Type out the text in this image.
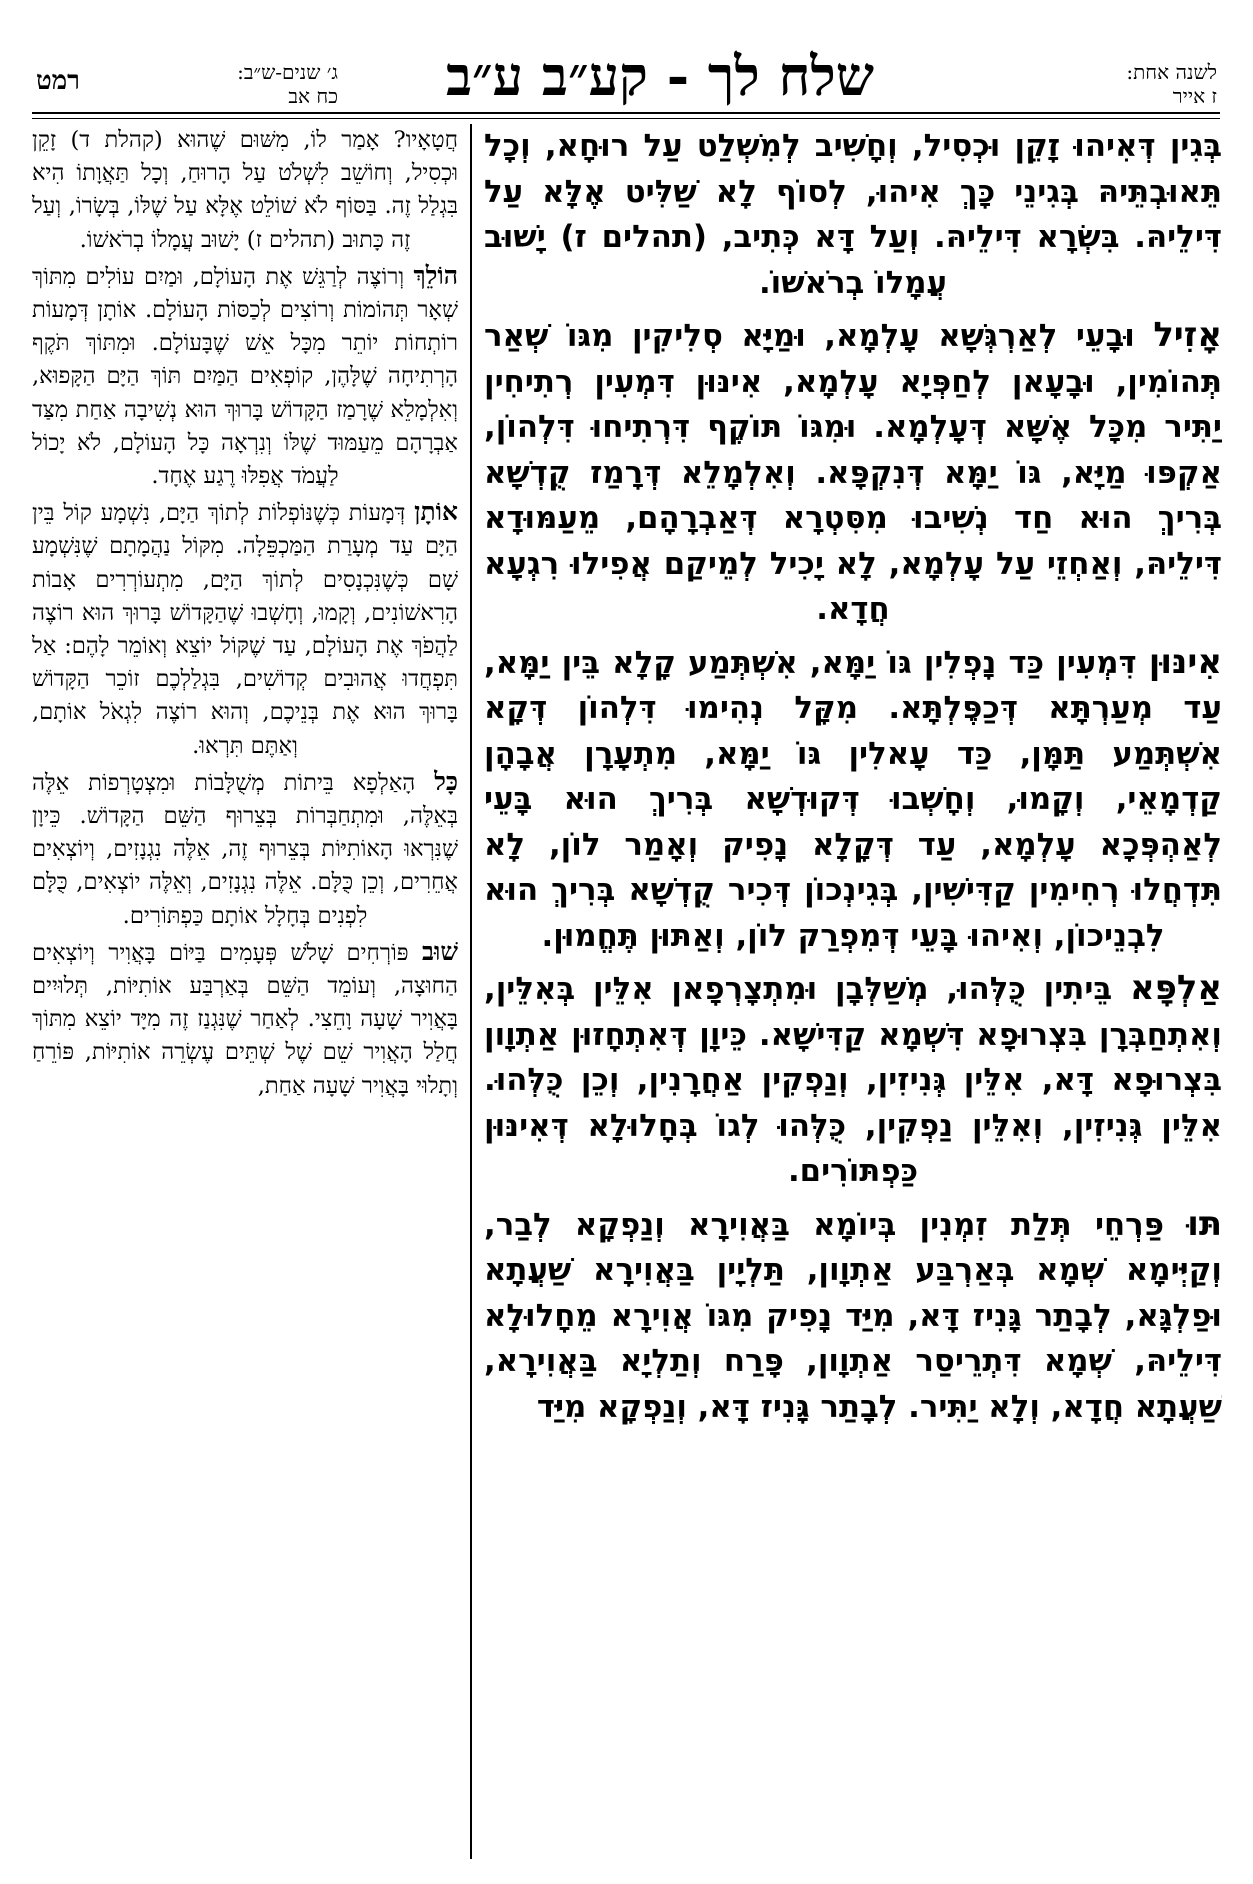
רמט	ג׳ שנים-ש״ב:
כח אב	שלח לך - קע״ב ע״ב	לשנה אחת:
ז אייר

בְּגִין דְּאִיהוּ זָקֵן וּכְסִיל, וְחָשִׁיב לְמִשְׁלַט עַל רוּחָא, וְכָל תֵּאוּבְתֵּיהּ בְּגִינֵי כָּךְ אִיהוּ, לְסוֹף לָא שַׁלִּיט אֶלָּא עַל דִּילֵיהּ. בִּשְׂרָא דִּילֵיהּ. וְעַל דָּא כְּתִיב, (תהלים ז) יָשׁוּב עֲמָלוֹ בְרֹאשׁוֹ.

אָזִיל וּבָעֵי לְאַרְגְּשָׁא עָלְמָא, וּמַיָּא סְלִיקִין מִגּוֹ שְׁאַר תְּהוֹמִין, וּבָעָאן לְחַפְּיָא עָלְמָא, אִינּוּן דִּמְעִין רְתִיחִין יַתִּיר מִכָּל אֶשָּׁא דְּעָלְמָא. וּמִגּוֹ תּוֹקֶף דִּרְתִיחוּ דִּלְהוֹן, אַקְפּוּ מַיָּא, גּוֹ יַמָּא דְּנִקְפָּא. וְאִלְמָלֵא דְּרָמַז קֻדְשָׁא בְּרִיךְ הוּא חַד נְשִׁיבוּ מִסִּטְרָא דְּאַבְרָהָם, מֵעַמּוּדָא דִּילֵיהּ, וְאַחְזֵי עַל עָלְמָא, לָא יָכִיל לְמֵיקַם אֲפִילוּ רִגְעָא חֲדָא.

אִינּוּן דִּמְעִין כַּד נָפְלִין גּוֹ יַמָּא, אִשְׁתְּמַע קָלָא בֵּין יַמָּא, עַד מְעַרְתָּא דְּכַפֶּלְתָּא. מִקָּל נְהִימוּ דִּלְהוֹן דְּקָא אִשְׁתְּמַע תַּמָּן, כַּד עָאלִין גּוֹ יַמָּא, מִתְעָרָן אֲבָהָן קַדְמָאֵי, וְקָמוּ, וְחָשְׁבוּ דְּקוּדְשָׁא בְּרִיךְ הוּא בָּעֵי לְאַהְפְּכָא עָלְמָא, עַד דְּקָלָא נָפִיק וְאָמַר לוֹן, לָא תִּדְחֲלוּ רְחִימִין קַדִּישִׁין, בְּגִינְכוֹן דְּכִיר קֻדְשָׁא בְּרִיךְ הוּא לִבְנֵיכוֹן, וְאִיהוּ בָּעֵי דְּמִפְרַק לוֹן, וְאַתּוּן תֶּחֱמוּן.

אַלְפָּא בֵּיתִין כֻּלְּהוּ, מְשַׁלְּבָן וּמִתְצָרְפָאן אִלֵּין בְּאִלֵּין, וְאִתְחַבְּרָן בִּצְרוּפָא דִּשְׁמָא קַדִּישָׁא. כֵּיוָן דְּאִתְחָזוּן אַתְוָון בִּצְרוּפָא דָּא, אִלֵּין גְּנִיזִין, וְנַפְקִין אַחֲרָנִין, וְכֵן כֻּלְּהוּ. אִלֵּין גְּנִיזִין, וְאִלֵּין נַפְקִין, כֻּלְּהוּ לְגוֹ בְּחָלוּלָא דְּאִינּוּן כַּפְתּוֹרִים.

תּוּ פַּרְחֵי תְּלַת זִמְנִין בְּיוֹמָא בַּאֲוִירָא וְנַפְקָא לְבַר, וְקַיְּימָא שְׁמָא בְּאַרְבַּע אַתְוָון, תַּלְיָין בַּאֲוִירָא שַׁעֲתָא וּפַלְגָּא, לְבָתַר גָּנִיז דָּא, מִיַּד נָפִיק מִגּוֹ אֲוִירָא מֵחָלוּלָא דִּילֵיהּ, שְׁמָא דִּתְרֵיסַר אַתְוָון, פָּרַח וְתַלְיָא בַּאֲוִירָא, שַׁעֲתָא חֲדָא, וְלָא יַתִּיר. לְבָתַר גָּנִיז דָּא, וְנַפְקָא מִיַּד

חֲטָאָיו? אָמַר לוֹ, מִשּׁוּם שֶׁהוּא (קהלת ד) זָקֵן וּכְסִיל, וְחוֹשֵׁב לִשְׁלֹט עַל הָרוּחַ, וְכָל תַּאֲוָתוֹ הִיא בִּגְלַל זֶה. בַּסּוֹף לֹא שׁוֹלֵט אֶלָּא עַל שֶׁלּוֹ, בְּשָׂרוֹ, וְעַל זֶה כָּתוּב (תהלים ז) יָשׁוּב עֲמָלוֹ בְרֹאשׁוֹ.

הוֹלֵךְ וְרוֹצֶה לְרַגֵּשׁ אֶת הָעוֹלָם, וּמַיִם עוֹלִים מִתּוֹךְ שְׁאָר תְּהוֹמוֹת וְרוֹצִים לְכַסּוֹת הָעוֹלָם. אוֹתָן דְּמָעוֹת רוֹתְחוֹת יוֹתֵר מִכָּל אֵשׁ שֶׁבָּעוֹלָם. וּמִתּוֹךְ תֹּקֶף הָרְתִיחָה שֶׁלָּהֶן, קוֹפְאִים הַמַּיִם תּוֹךְ הַיָּם הַקָּפוּא, וְאִלְמָלֵא שֶׁרָמַז הַקָּדוֹשׁ בָּרוּךְ הוּא נְשִׁיבָה אַחַת מִצַּד אַבְרָהָם מֵעַמּוּד שֶׁלּוֹ וְנִרְאָה כָּל הָעוֹלָם, לֹא יָכוֹל לַעֲמֹד אֲפִלּוּ רֶגַע אֶחָד.

אוֹתָן דְּמָעוֹת כְּשֶׁנּוֹפְלוֹת לְתוֹךְ הַיָּם, נִשְׁמָע קוֹל בֵּין הַיָּם עַד מְעָרַת הַמַּכְפֵּלָה. מִקּוֹל נַהֲמָתָם שֶׁנִּשְׁמָע שָׁם כְּשֶׁנִּכְנָסִים לְתוֹךְ הַיָּם, מִתְעוֹרְרִים אָבוֹת הָרִאשׁוֹנִים, וְקָמוּ, וְחָשְׁבוּ שֶׁהַקָּדוֹשׁ בָּרוּךְ הוּא רוֹצֶה לַהֲפֹךְ אֶת הָעוֹלָם, עַד שֶׁקּוֹל יוֹצֵא וְאוֹמֵר לָהֶם: אַל תִּפְחֲדוּ אֲהוּבִים קְדוֹשִׁים, בִּגְלַלְכֶם זוֹכֵר הַקָּדוֹשׁ בָּרוּךְ הוּא אֶת בְּנֵיכֶם, וְהוּא רוֹצֶה לִגְאֹל אוֹתָם, וְאַתֶּם תִּרְאוּ.

כָּל הָאַלְפָא בֵּיתוֹת מְשֻׁלָּבוֹת וּמִצְטָרְפוֹת אֵלֶּה בְּאֵלֶּה, וּמִתְחַבְּרוֹת בְּצֵרוּף הַשֵּׁם הַקָּדוֹשׁ. כֵּיוָן שֶׁנִּרְאוּ הָאוֹתִיּוֹת בְּצֵרוּף זֶה, אֵלֶּה נִגְנָזִים, וְיוֹצְאִים אֲחֵרִים, וְכֵן כֻּלָּם. אֵלֶּה נִגְנָזִים, וְאֵלֶּה יוֹצְאִים, כֻּלָּם לִפְנִים בְּחָלָל אוֹתָם כַּפְתּוֹרִים.

שׁוּב פּוֹרְחִים שָׁלֹשׁ פְּעָמִים בַּיּוֹם בָּאֲוִיר וְיוֹצְאִים הַחוּצָה, וְעוֹמֵד הַשֵּׁם בְּאַרְבַּע אוֹתִיּוֹת, תְּלוּיִים בָּאֲוִיר שָׁעָה וָחֵצִי. לְאַחַר שֶׁנִּגְנַז זֶה מִיָּד יוֹצֵא מִתּוֹךְ חֲלַל הָאֲוִיר שֵׁם שֶׁל שְׁתֵּים עֶשְׂרֵה אוֹתִיּוֹת, פּוֹרֵחַ וְתָלוּי בָּאֲוִיר שָׁעָה אַחַת,
